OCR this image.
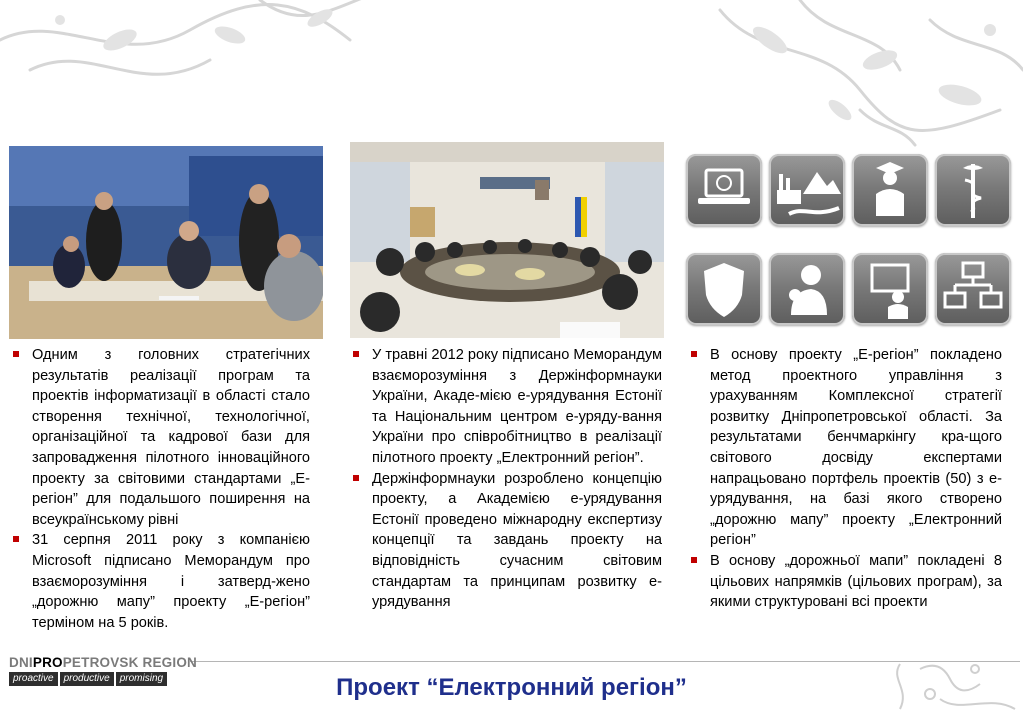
Одним з головних стратегічних результатів реалізації програм та проектів інформатизації в області стало створення технічної, технологічної, організаційної та кадрової бази для запровадження пілотного інноваційного проекту за світовими стандартами „Е-регіон” для подальшого поширення на всеукраїнському рівні
31 серпня 2011 року з компанією Microsoft підписано Меморандум про взаєморозуміння і затверд-жено „дорожню мапу” проекту „Е-регіон” терміном на 5 років.
У травні 2012 року підписано Меморандум взаєморозуміння з Держінформнауки України, Акаде-мією е-урядування Естонії та Національним центром е-уряду-вання України про співробітництво в реалізації пілотного проекту „Електронний регіон”.
Держінформнауки розроблено концепцію проекту, а Академією е-урядування Естонії проведено міжнародну експертизу концепції та завдань проекту на відповідність сучасним світовим стандартам та принципам розвитку е-урядування
В основу проекту „Е-регіон” покладено метод проектного управління з урахуванням Комплексної стратегії розвитку Дніпропетровської області. За результатами бенчмаркінгу кра-щого світового досвіду експертами напрацьовано портфель проектів (50) з е-урядування, на базі якого створено „дорожню мапу” проекту „Електронний регіон”
В основу „дорожньої мапи” покладені 8 цільових напрямків (цільових програм), за якими структуровані всі проекти
DNIPROPETROVSK REGION
proactive	productive	promising	Проект “Електронний регіон”
